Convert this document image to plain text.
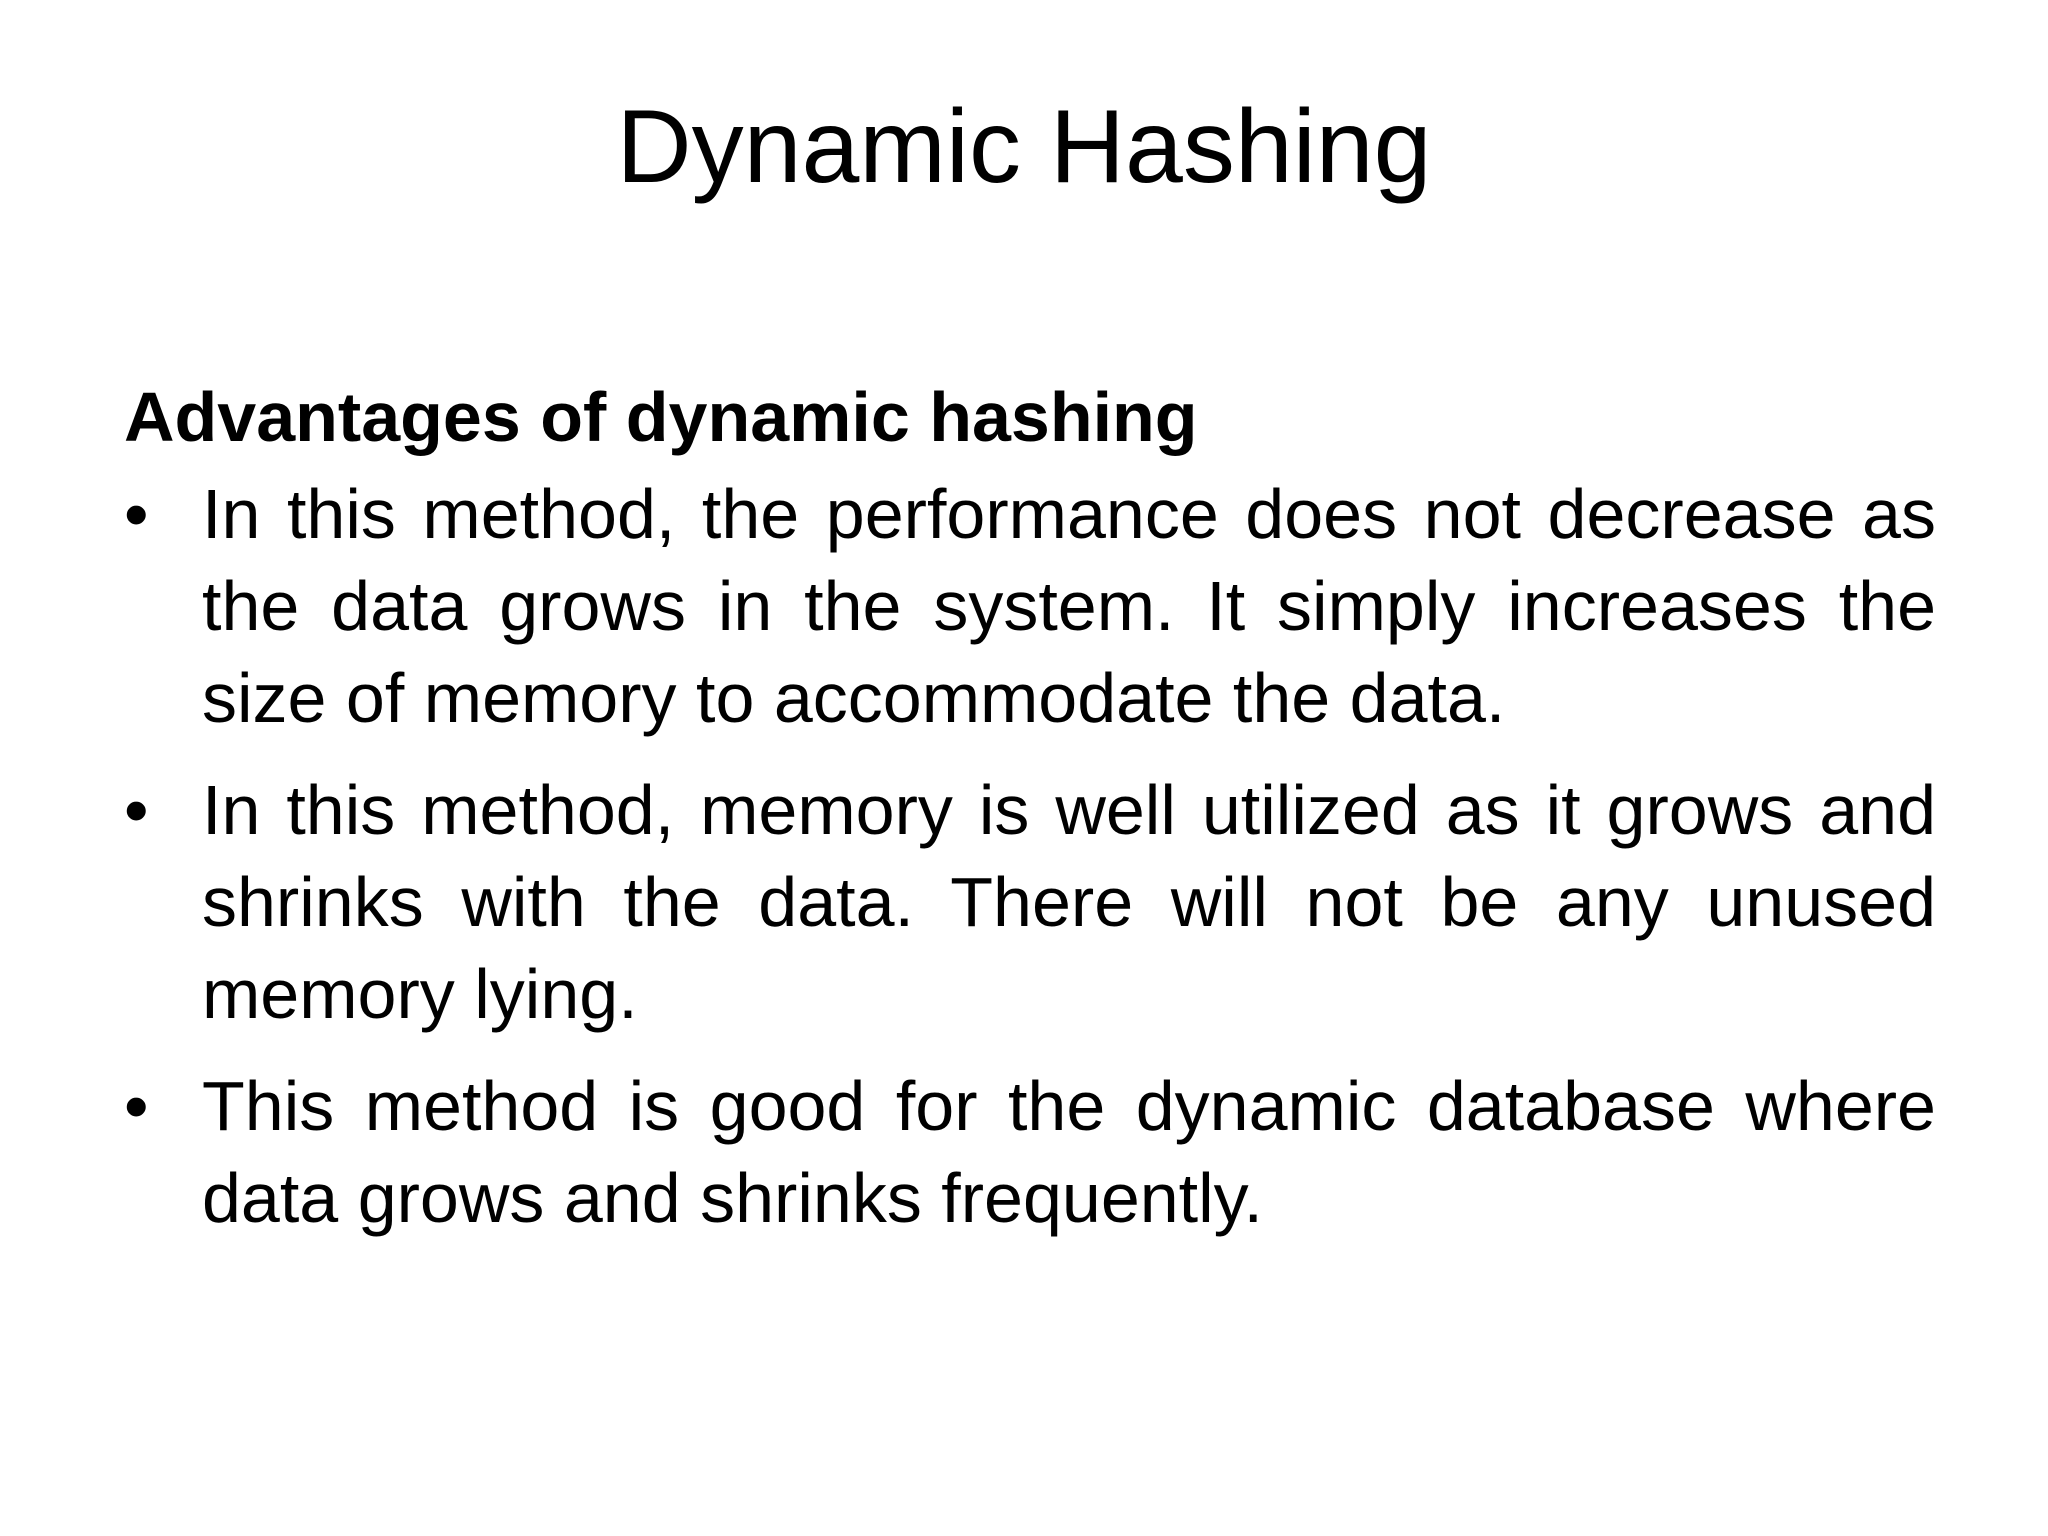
Dynamic Hashing
Advantages of dynamic hashing
• In this method, the performance does not decrease as the data grows in the system. It simply increases the size of memory to accommodate the data.
• In this method, memory is well utilized as it grows and shrinks with the data. There will not be any unused memory lying.
• This method is good for the dynamic database where data grows and shrinks frequently.
